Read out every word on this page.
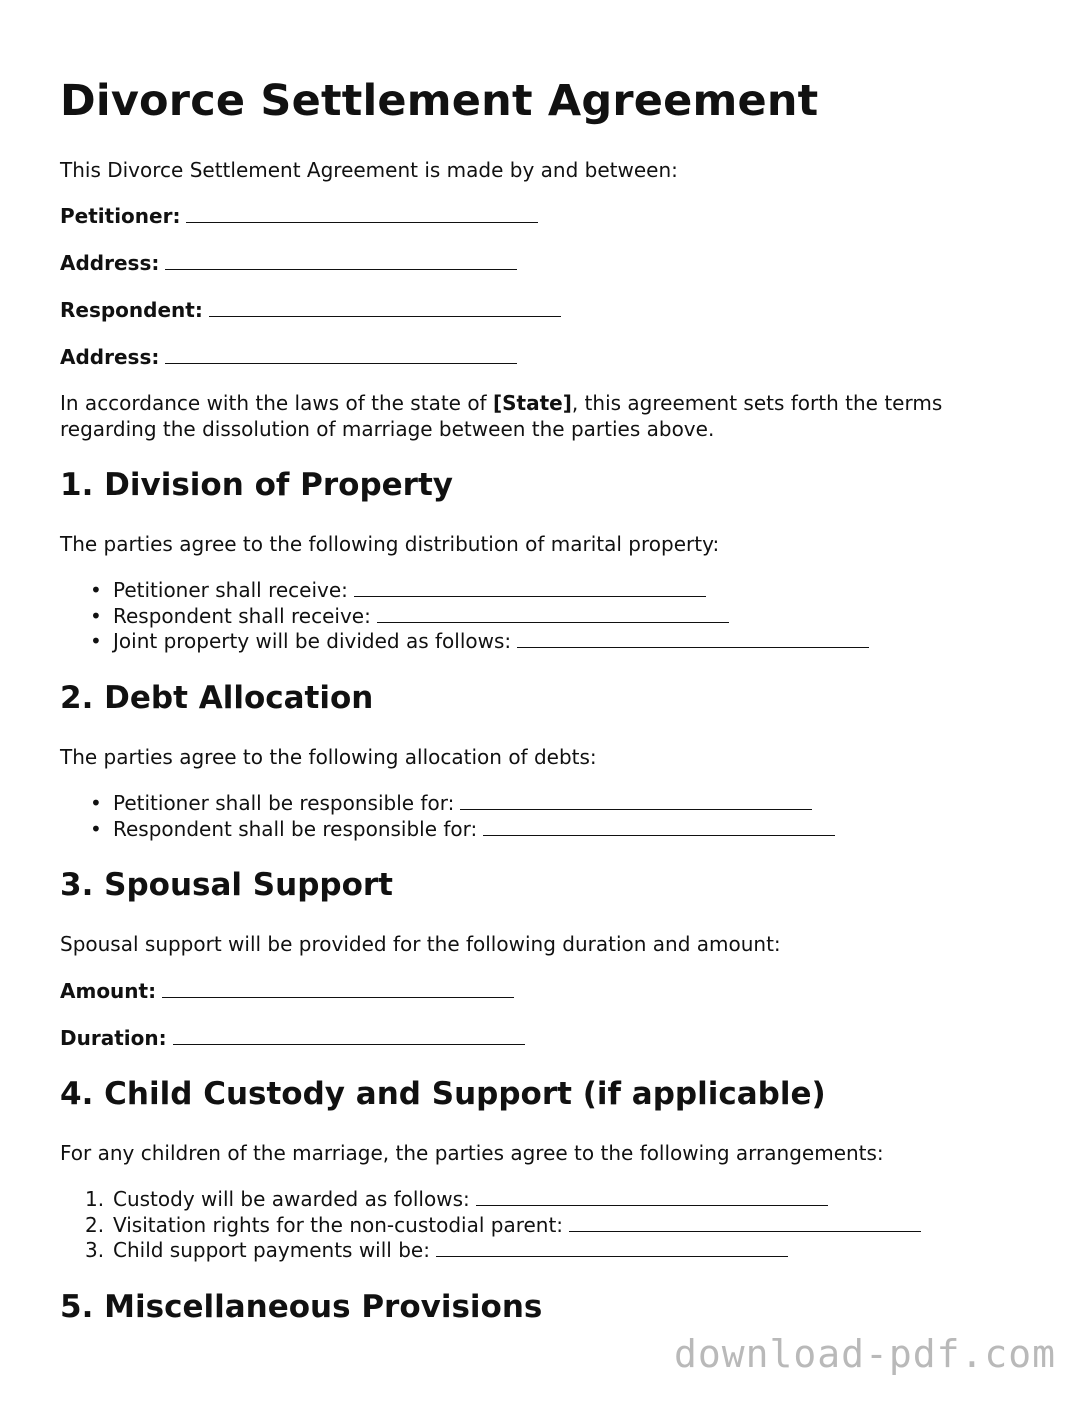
Divorce Settlement Agreement

This Divorce Settlement Agreement is made by and between:

Petitioner:

Address:

Respondent:

Address:

In accordance with the laws of the state of [State], this agreement sets forth the terms regarding the dissolution of marriage between the parties above.

1. Division of Property

The parties agree to the following distribution of marital property:

• Petitioner shall receive:
• Respondent shall receive:
• Joint property will be divided as follows:
2. Debt Allocation

The parties agree to the following allocation of debts:

• Petitioner shall be responsible for:
• Respondent shall be responsible for:
3. Spousal Support

Spousal support will be provided for the following duration and amount:

Amount:

Duration:

4. Child Custody and Support (if applicable)

For any children of the marriage, the parties agree to the following arrangements:

1. Custody will be awarded as follows:
2. Visitation rights for the non-custodial parent:
3. Child support payments will be:
5. Miscellaneous Provisions
download-pdf.com
